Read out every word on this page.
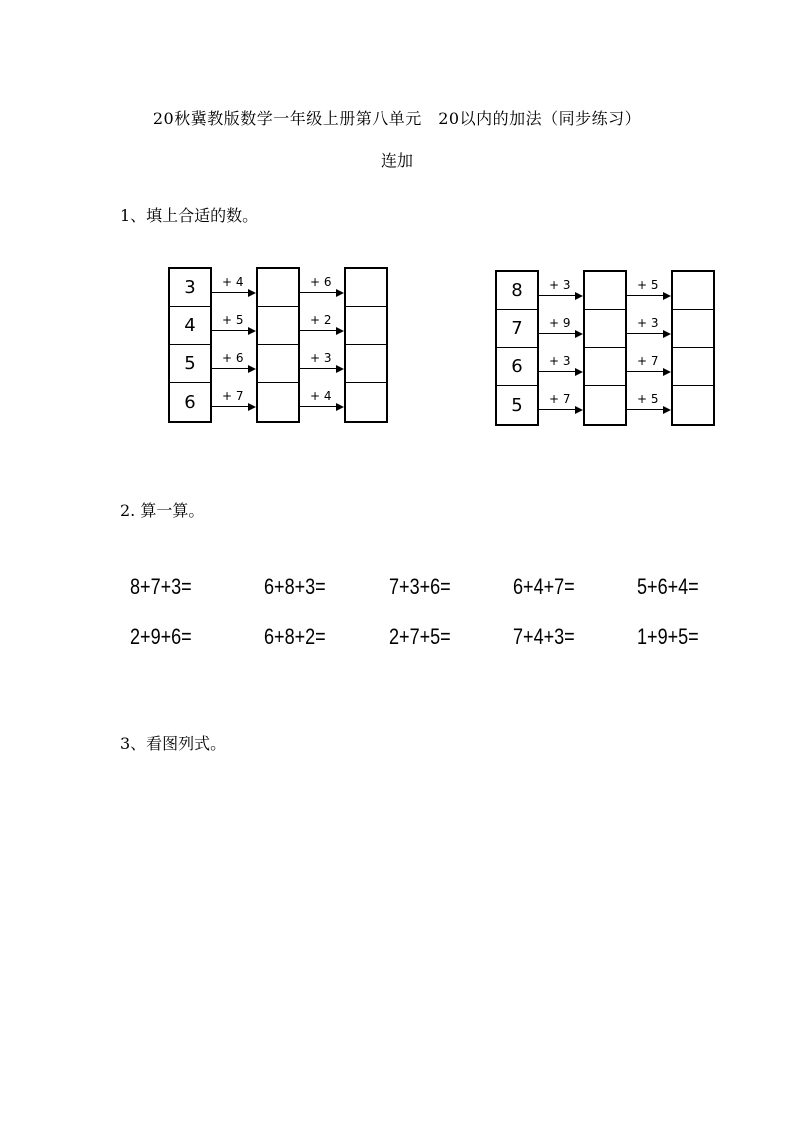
20秋冀教版数学一年级上册第八单元　20以内的加法（同步练习）
连加
1、填上合适的数。
3
4
5
6
+ 4
+ 5
+ 6
+ 7
+ 6
+ 2
+ 3
+ 4
8
7
6
5
+ 3
+ 9
+ 3
+ 7
+ 5
+ 3
+ 7
+ 5
2. 算一算。
8+7+3=	6+8+3=	7+3+6=	6+4+7=	5+6+4=
2+9+6=	6+8+2=	2+7+5=	7+4+3=	1+9+5=
3、看图列式。
